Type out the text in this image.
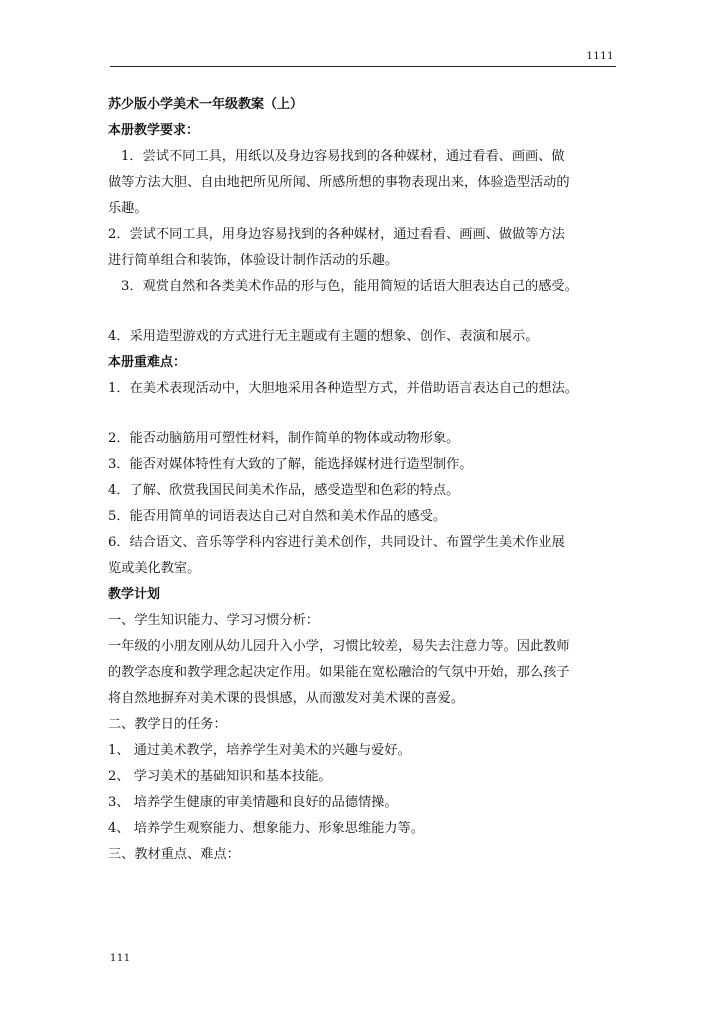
1111
苏少版小学美术一年级教案（上）
本册教学要求：
1．尝试不同工具，用纸以及身边容易找到的各种媒材，通过看看、画画、做
做等方法大胆、自由地把所见所闻、所感所想的事物表现出来，体验造型活动的
乐趣。
2．尝试不同工具，用身边容易找到的各种媒材，通过看看、画画、做做等方法
进行简单组合和装饰，体验设计制作活动的乐趣。
3．观赏自然和各类美术作品的形与色，能用简短的话语大胆表达自己的感受。
4．采用造型游戏的方式进行无主题或有主题的想象、创作、表演和展示。
本册重难点：
1．在美术表现活动中，大胆地采用各种造型方式，并借助语言表达自己的想法。
2．能否动脑筋用可塑性材料，制作简单的物体或动物形象。
3．能否对媒体特性有大致的了解，能选择媒材进行造型制作。
4．了解、欣赏我国民间美术作品，感受造型和色彩的特点。
5．能否用简单的词语表达自己对自然和美术作品的感受。
6．结合语文、音乐等学科内容进行美术创作，共同设计、布置学生美术作业展
览或美化教室。
教学计划
一、学生知识能力、学习习惯分析：
一年级的小朋友刚从幼儿园升入小学，习惯比较差，易失去注意力等。因此教师
的教学态度和教学理念起决定作用。如果能在宽松融洽的气氛中开始，那么孩子
将自然地摒弃对美术课的畏惧感，从而激发对美术课的喜爱。
二、教学日的任务：
1、 通过美术教学，培养学生对美术的兴趣与爱好。
2、 学习美术的基础知识和基本技能。
3、 培养学生健康的审美情趣和良好的品德情操。
4、 培养学生观察能力、想象能力、形象思维能力等。
三、教材重点、难点：
111
